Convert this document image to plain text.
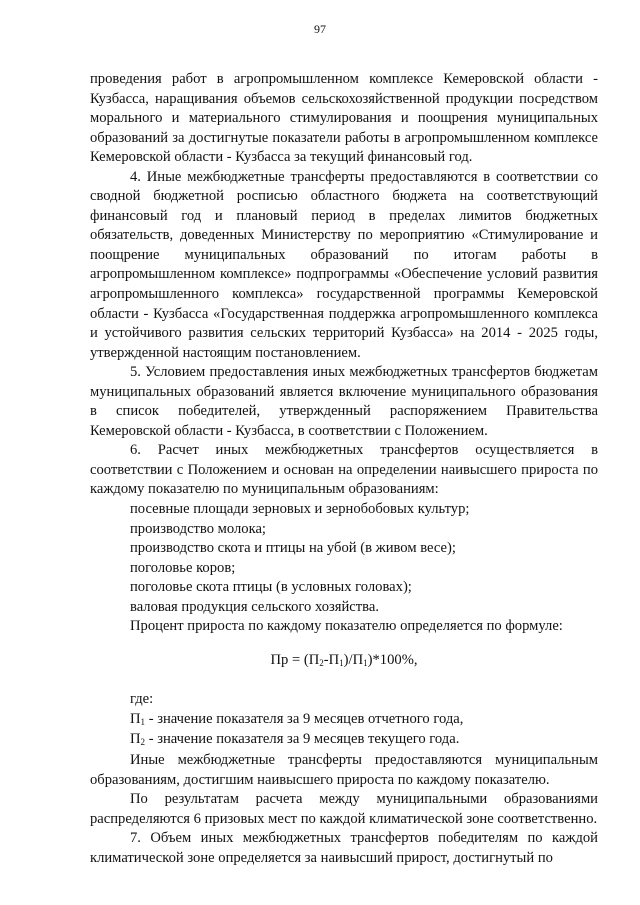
97

проведения работ в агропромышленном комплексе Кемеровской области - Кузбасса, наращивания объемов сельскохозяйственной продукции посредством морального и материального стимулирования и поощрения муниципальных образований за достигнутые показатели работы в агропромышленном комплексе Кемеровской области - Кузбасса за текущий финансовый год.

4. Иные межбюджетные трансферты предоставляются в соответствии со сводной бюджетной росписью областного бюджета на соответствующий финансовый год и плановый период в пределах лимитов бюджетных обязательств, доведенных Министерству по мероприятию «Стимулирование и поощрение муниципальных образований по итогам работы в агропромышленном комплексе» подпрограммы «Обеспечение условий развития агропромышленного комплекса» государственной программы Кемеровской области - Кузбасса «Государственная поддержка агропромышленного комплекса и устойчивого развития сельских территорий Кузбасса» на 2014 - 2025 годы, утвержденной настоящим постановлением.

5. Условием предоставления иных межбюджетных трансфертов бюджетам муниципальных образований является включение муниципального образования в список победителей, утвержденный распоряжением Правительства Кемеровской области - Кузбасса, в соответствии с Положением.

6. Расчет иных межбюджетных трансфертов осуществляется в соответствии с Положением и основан на определении наивысшего прироста по каждому показателю по муниципальным образованиям:

посевные площади зерновых и зернобобовых культур;

производство молока;

производство скота и птицы на убой (в живом весе);

поголовье коров;

поголовье скота птицы (в условных головах);

валовая продукция сельского хозяйства.

Процент прироста по каждому показателю определяется по формуле:

Пр = $(П_2-П_1)/П_1)*100\%$,

где:

$П_1$ - значение показателя за 9 месяцев отчетного года,

$П_2$ - значение показателя за 9 месяцев текущего года.

Иные межбюджетные трансферты предоставляются муниципальным образованиям, достигшим наивысшего прироста по каждому показателю.

По результатам расчета между муниципальными образованиями распределяются 6 призовых мест по каждой климатической зоне соответственно.

7. Объем иных межбюджетных трансфертов победителям по каждой климатической зоне определяется за наивысший прирост, достигнутый по
